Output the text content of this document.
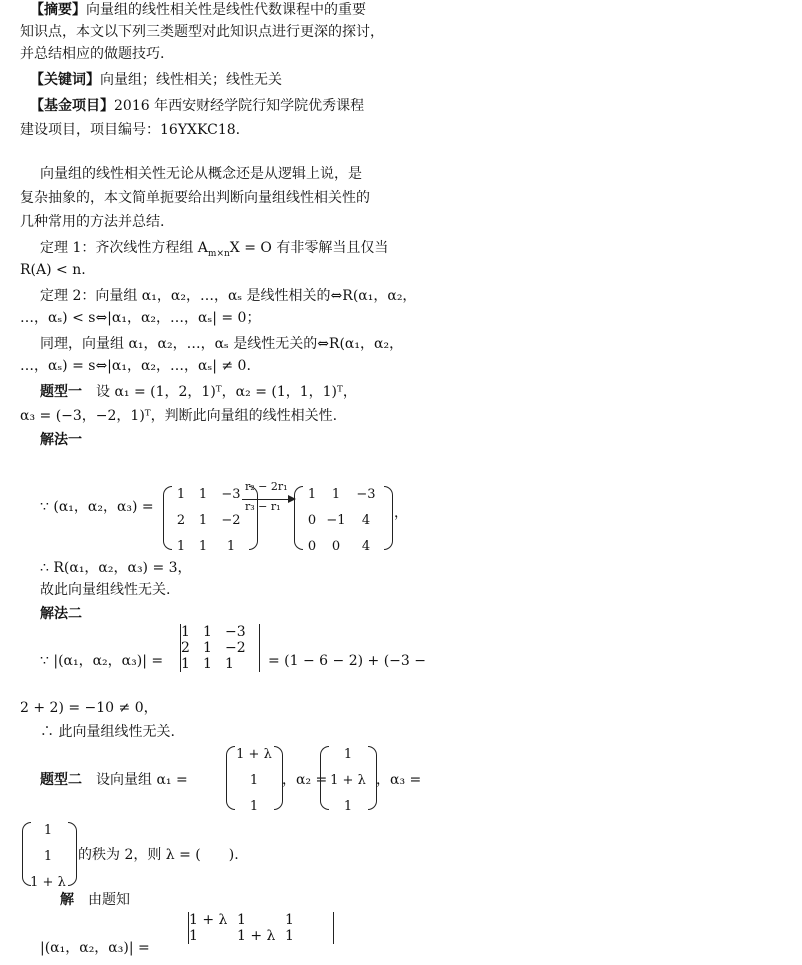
【摘要】向量组的线性相关性是线性代数课程中的重要
知识点，本文以下列三类题型对此知识点进行更深的探讨，
并总结相应的做题技巧.
【关键词】向量组；线性相关；线性无关
【基金项目】2016 年西安财经学院行知学院优秀课程
建设项目，项目编号：16YXKC18.
向量组的线性相关性无论从概念还是从逻辑上说，是
复杂抽象的，本文简单扼要给出判断向量组线性相关性的
几种常用的方法并总结.
定理 1：齐次线性方程组 $A_{m\times n}X = O$ 有非零解当且仅当
R(A) < n.
定理 2：向量组 α₁，α₂，…，αₛ 是线性相关的⇔R(α₁，α₂，
…，αₛ) < s⇔|α₁，α₂，…，αₛ| = 0；
同理，向量组 α₁，α₂，…，αₛ 是线性无关的⇔R(α₁，α₂，
…，αₛ) = s⇔|α₁，α₂，…，αₛ| ≠ 0.
题型一　 设 α₁ = (1，2，1)ᵀ，α₂ = (1，1，1)ᵀ，
α₃ = (−3，−2，1)ᵀ，判断此向量组的线性相关性.
解法一
∵ (α₁，α₂，α₃) =
1	1	−3
2	1	−2
1	1	1
r₂ − 2r₁
r₃ − r₁
1	1	−3
0 −1	4
0	0	4
，
∴ R(α₁，α₂，α₃) = 3，
故此向量组线性无关.
解法二
∵ |(α₁，α₂，α₃)| =
1 1 −3
2 1 −2
1 1 1	= (1 − 6 − 2) + (−3 −
2 + 2) = −10 ≠ 0，
∴ 此向量组线性无关.
题型二　 设向量组 α₁ =
1 + λ
1
1
，α₂ =
1
1 + λ
1
，α₃ =
1
1
1 + λ
的秩为 2，则 λ = (　　).
解　 由题知
|(α₁，α₂，α₃)| =
1 + λ 1	1
1	1 + λ 1
